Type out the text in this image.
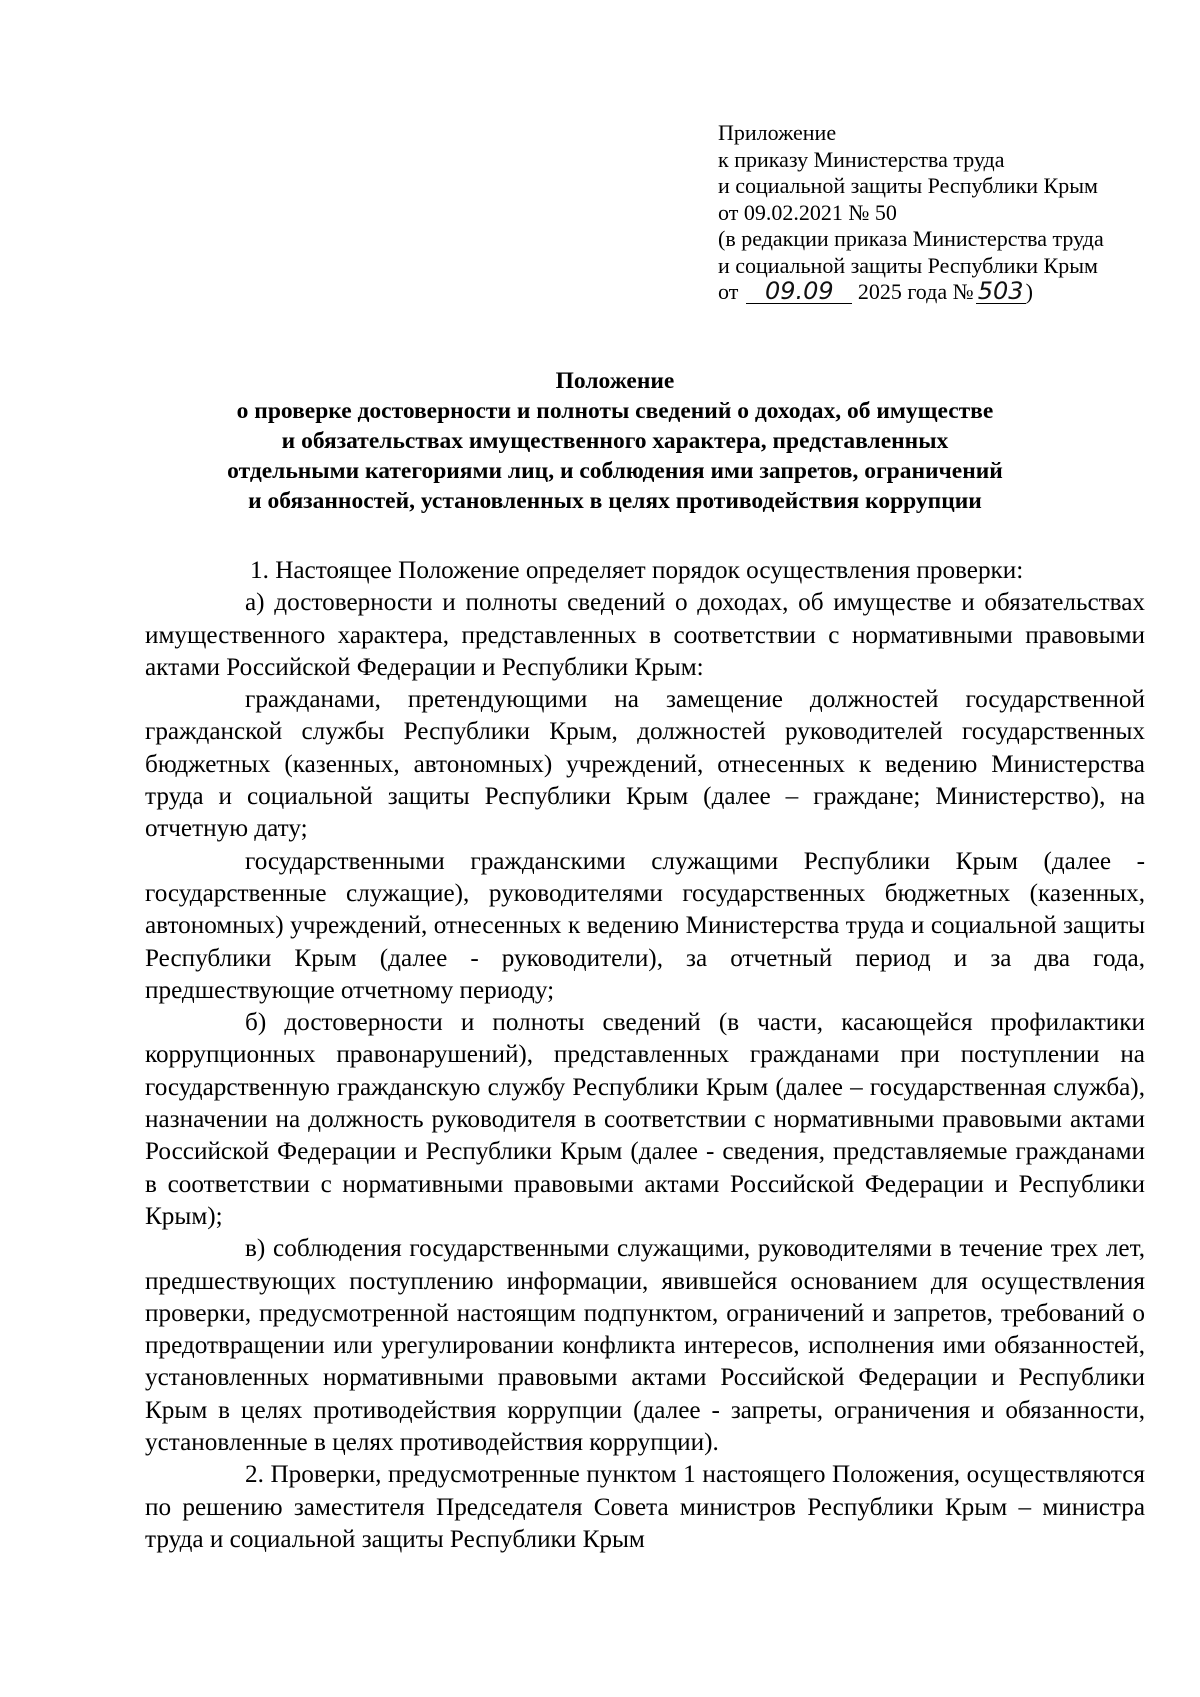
Приложение
к приказу Министерства труда
и социальной защиты Республики Крым
от 09.02.2021 № 50
(в редакции приказа Министерства труда
и социальной защиты Республики Крым
от 09.09 2025 года № 503)
Положение
о проверке достоверности и полноты сведений о доходах, об имуществе
и обязательствах имущественного характера, представленных
отдельными категориями лиц, и соблюдения ими запретов, ограничений
и обязанностей, установленных в целях противодействия коррупции

1. Настоящее Положение определяет порядок осуществления проверки:

а) достоверности и полноты сведений о доходах, об имуществе и обязательствах имущественного характера, представленных в соответствии с нормативными правовыми актами Российской Федерации и Республики Крым:

гражданами, претендующими на замещение должностей государственной гражданской службы Республики Крым, должностей руководителей государственных бюджетных (казенных, автономных) учреждений, отнесенных к ведению Министерства труда и социальной защиты Республики Крым (далее – граждане; Министерство), на отчетную дату;

государственными гражданскими служащими Республики Крым (далее - государственные служащие), руководителями государственных бюджетных (казенных, автономных) учреждений, отнесенных к ведению Министерства труда и социальной защиты Республики Крым (далее - руководители), за отчетный период и за два года, предшествующие отчетному периоду;

б) достоверности и полноты сведений (в части, касающейся профилактики коррупционных правонарушений), представленных гражданами при поступлении на государственную гражданскую службу Республики Крым (далее – государственная служба), назначении на должность руководителя в соответствии с нормативными правовыми актами Российской Федерации и Республики Крым (далее - сведения, представляемые гражданами в соответствии с нормативными правовыми актами Российской Федерации и Республики Крым);

в) соблюдения государственными служащими, руководителями в течение трех лет, предшествующих поступлению информации, явившейся основанием для осуществления проверки, предусмотренной настоящим подпунктом, ограничений и запретов, требований о предотвращении или урегулировании конфликта интересов, исполнения ими обязанностей, установленных нормативными правовыми актами Российской Федерации и Республики Крым в целях противодействия коррупции (далее - запреты, ограничения и обязанности, установленные в целях противодействия коррупции).

2. Проверки, предусмотренные пунктом 1 настоящего Положения, осуществляются по решению заместителя Председателя Совета министров Республики Крым – министра труда и социальной защиты Республики Крым
